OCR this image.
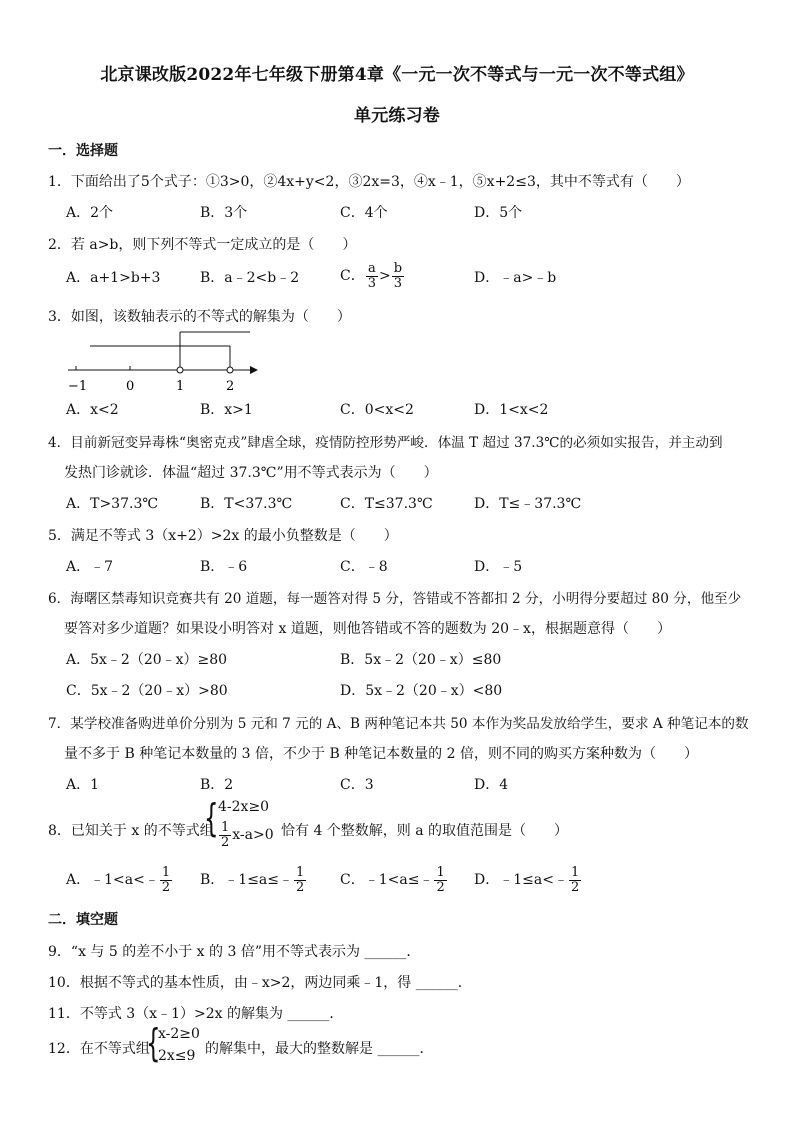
北京课改版2022年七年级下册第4章《一元一次不等式与一元一次不等式组》
单元练习卷
一．选择题
1．下面给出了5个式子：①3>0，②4x+y<2，③2x=3，④x﹣1，⑤x+2≤3，其中不等式有（　　）
A．2个	B．3个	C．4个	D．5个
2．若 a>b，则下列不等式一定成立的是（　　）
A．a+1>b+3	B．a﹣2<b﹣2	C． $\frac{a}{3} > \frac{b}{3}$	D．﹣a>﹣b
3．如图，该数轴表示的不等式的解集为（　　）
−1	0	1	2
A．x<2	B．x>1	C．0<x<2	D．1<x<2
4．目前新冠变异毒株“奥密克戎”肆虐全球，疫情防控形势严峻．体温 T 超过 37.3℃的必须如实报告，并主动到
发热门诊就诊．体温“超过 37.3℃”用不等式表示为（　　）
A．T>37.3℃	B．T<37.3℃	C．T≤37.3℃	D．T≤﹣37.3℃
5．满足不等式 3（x+2）>2x 的最小负整数是（　　）
A．﹣7	B．﹣6	C．﹣8	D．﹣5
6．海曙区禁毒知识竞赛共有 20 道题，每一题答对得 5 分，答错或不答都扣 2 分，小明得分要超过 80 分，他至少
要答对多少道题？如果设小明答对 x 道题，则他答错或不答的题数为 20﹣x，根据题意得（　　）
A．5x﹣2（20﹣x）≥80	B．5x﹣2（20﹣x）≤80
C．5x﹣2（20﹣x）>80	D．5x﹣2（20﹣x）<80
7．某学校准备购进单价分别为 5 元和 7 元的 A、B 两种笔记本共 50 本作为奖品发放给学生，要求 A 种笔记本的数
量不多于 B 种笔记本数量的 3 倍，不少于 B 种笔记本数量的 2 倍，则不同的购买方案种数为（　　）
A．1	B．2	C．3	D．4
8．已知关于 x 的不等式组
{ 4-2x≥0
$\frac{1}{2} x-a>0$ 恰有 4 个整数解，则 a 的取值范围是（　　）
A．﹣1<a<﹣ $\frac{1}{2}$ B．﹣1≤a≤﹣ $\frac{1}{2}$ C．﹣1<a≤﹣ $\frac{1}{2}$ D．﹣1≤a<﹣ $\frac{1}{2}$
二．填空题
9．“x 与 5 的差不小于 x 的 3 倍”用不等式表示为 ______．
10．根据不等式的基本性质，由﹣x>2，两边同乘﹣1，得 ______．
11．不等式 3（x﹣1）>2x 的解集为 ______．
12．在不等式组
{
x-2≥0
2x≤9 的解集中，最大的整数解是 ______．
